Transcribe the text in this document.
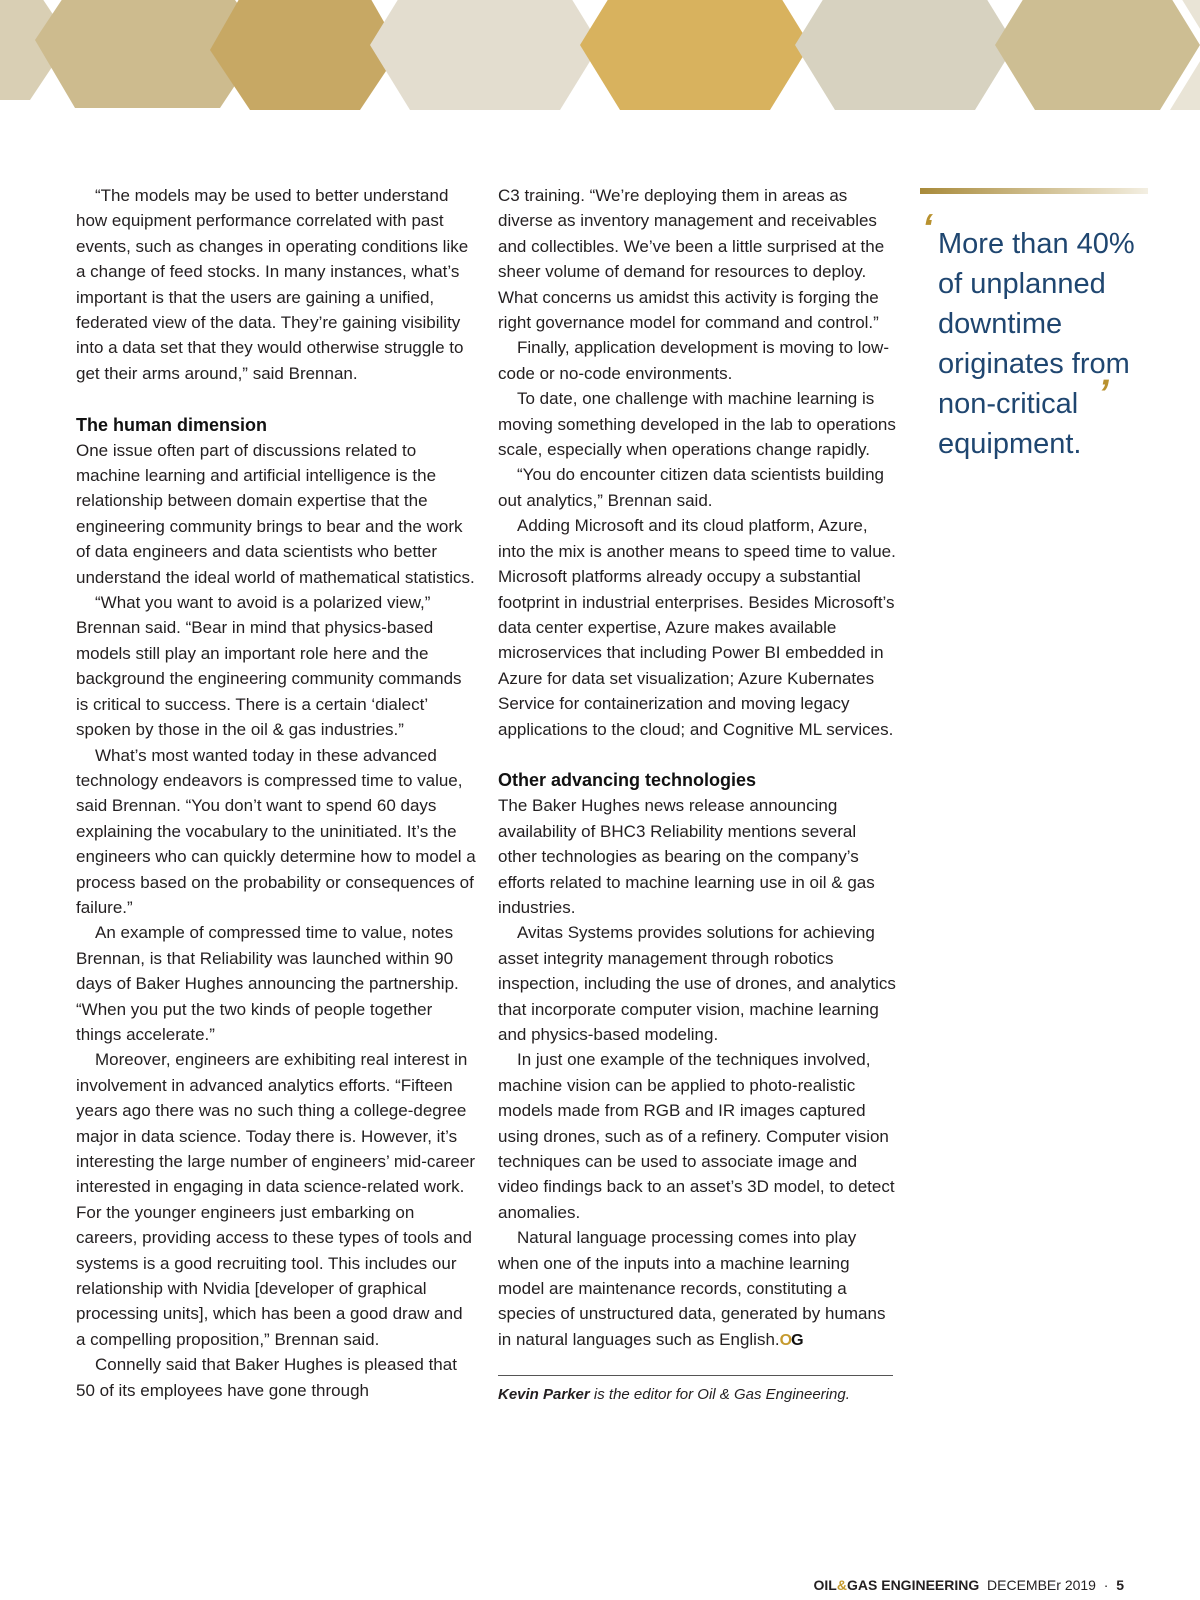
“The models may be used to better understand how equipment performance correlated with past events, such as changes in operating conditions like a change of feed stocks. In many instances, what’s important is that the users are gaining a unified, federated view of the data. They’re gaining visibility into a data set that they would otherwise struggle to get their arms around,” said Brennan.

The human dimension

One issue often part of discussions related to machine learning and artificial intelligence is the relationship between domain expertise that the engineering community brings to bear and the work of data engineers and data scientists who better understand the ideal world of mathematical statistics.

“What you want to avoid is a polarized view,” Brennan said. “Bear in mind that physics-based models still play an important role here and the background the engineering community commands is critical to success. There is a certain ‘dialect’ spoken by those in the oil & gas industries.”

What’s most wanted today in these advanced technology endeavors is compressed time to value, said Brennan. “You don’t want to spend 60 days explaining the vocabulary to the uninitiated. It’s the engineers who can quickly determine how to model a process based on the probability or consequences of failure.”

An example of compressed time to value, notes Brennan, is that Reliability was launched within 90 days of Baker Hughes announcing the partnership. “When you put the two kinds of people together things accelerate.”

Moreover, engineers are exhibiting real interest in involvement in advanced analytics efforts. “Fifteen years ago there was no such thing a college-degree major in data science. Today there is. However, it’s interesting the large number of engineers’ mid-career interested in engaging in data science-related work. For the younger engineers just embarking on careers, providing access to these types of tools and systems is a good recruiting tool. This includes our relationship with Nvidia [developer of graphical processing units], which has been a good draw and a compelling proposition,” Brennan said.

Connelly said that Baker Hughes is pleased that 50 of its employees have gone through

C3 training. “We’re deploying them in areas as diverse as inventory management and receivables and collectibles. We’ve been a little surprised at the sheer volume of demand for resources to deploy. What concerns us amidst this activity is forging the right governance model for command and control.”

Finally, application development is moving to low-code or no-code environments.

To date, one challenge with machine learning is moving something developed in the lab to operations scale, especially when operations change rapidly.

“You do encounter citizen data scientists building out analytics,” Brennan said.

Adding Microsoft and its cloud platform, Azure, into the mix is another means to speed time to value. Microsoft platforms already occupy a substantial footprint in industrial enterprises. Besides Microsoft’s data center expertise, Azure makes available microservices that including Power BI embedded in Azure for data set visualization; Azure Kubernates Service for containerization and moving legacy applications to the cloud; and Cognitive ML services.

Other advancing technologies

The Baker Hughes news release announcing availability of BHC3 Reliability mentions several other technologies as bearing on the company’s efforts related to machine learning use in oil & gas industries.

Avitas Systems provides solutions for achieving asset integrity management through robotics inspection, including the use of drones, and analytics that incorporate computer vision, machine learning and physics-based modeling.

In just one example of the techniques involved, machine vision can be applied to photo-realistic models made from RGB and IR images captured using drones, such as of a refinery. Computer vision techniques can be used to associate image and video findings back to an asset’s 3D model, to detect anomalies.

Natural language processing comes into play when one of the inputs into a machine learning model are maintenance records, constituting a species of unstructured data, generated by humans in natural languages such as English.OG

Kevin Parker is the editor for Oil & Gas Engineering.
‘ More than 40% of unplanned downtime originates from non-critical equipment.
’
OIL&GAS ENGINEERING DECEMBEr 2019 · 5
